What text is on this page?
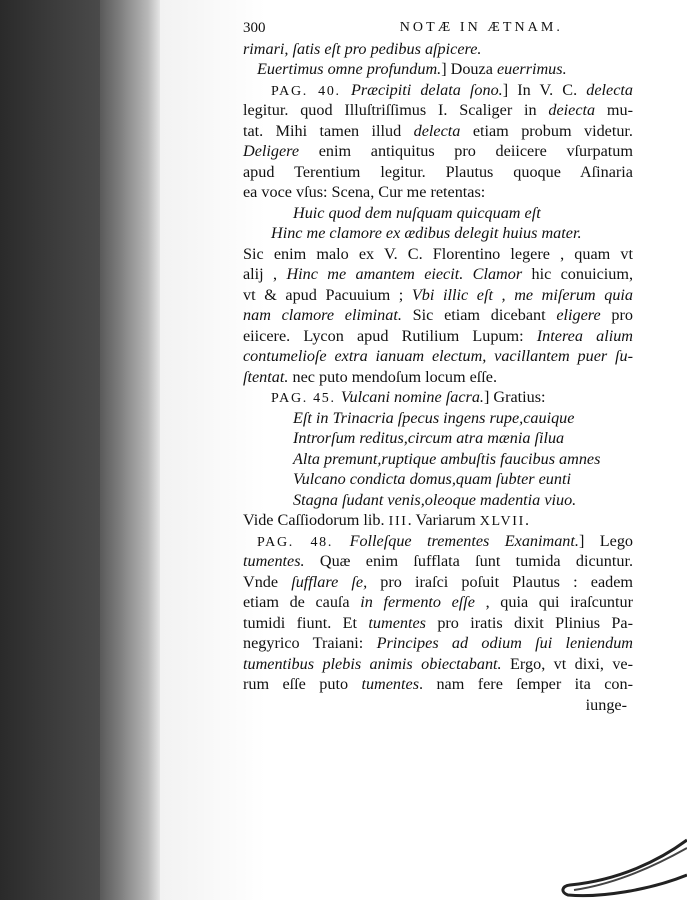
300	NOTÆ IN ÆTNAM.
rimari, ſatis eſt pro pedibus aſpicere.
Euertimus omne profundum.] Douza euerrimus.
PAG. 40. Præcipiti delata ſono.] In V. C. delecta
legitur. quod Illuſtriſſimus I. Scaliger in deiecta mu-
tat. Mihi tamen illud delecta etiam probum videtur.
Deligere enim antiquitus pro deiicere vſurpatum
apud Terentium legitur. Plautus quoque Aſinaria
ea voce vſus: Scena, Cur me retentas:
Huic quod dem nuſquam quicquam eſt
Hinc me clamore ex ædibus delegit huius mater.
Sic enim malo ex V. C. Florentino legere , quam vt
alij , Hinc me amantem eiecit. Clamor hic conuicium,
vt & apud Pacuuium ; Vbi illic eſt , me miſerum quia
nam clamore eliminat. Sic etiam dicebant eligere pro
eiicere. Lycon apud Rutilium Lupum: Interea alium
contumelioſe extra ianuam electum, vacillantem puer ſu-
ſtentat. nec puto mendoſum locum eſſe.
PAG. 45. Vulcani nomine ſacra.] Gratius:
Eſt in Trinacria ſpecus ingens rupe,cauique
Introrſum reditus,circum atra mænia ſilua
Alta premunt,ruptique ambuſtis faucibus amnes
Vulcano condicta domus,quam ſubter eunti
Stagna ſudant venis,oleoque madentia viuo.
Vide Caſſiodorum lib. III. Variarum XLVII.
PAG. 48. Folleſque trementes Exanimant.] Lego
tumentes. Quæ enim ſufflata ſunt tumida dicuntur.
Vnde ſufflare ſe, pro iraſci poſuit Plautus : eadem
etiam de cauſa in fermento eſſe , quia qui iraſcuntur
tumidi fiunt. Et tumentes pro iratis dixit Plinius Pa-
negyrico Traiani: Principes ad odium ſui leniendum
tumentibus plebis animis obiectabant. Ergo, vt dixi, ve-
rum eſſe puto tumentes. nam fere ſemper ita con-
iunge-
